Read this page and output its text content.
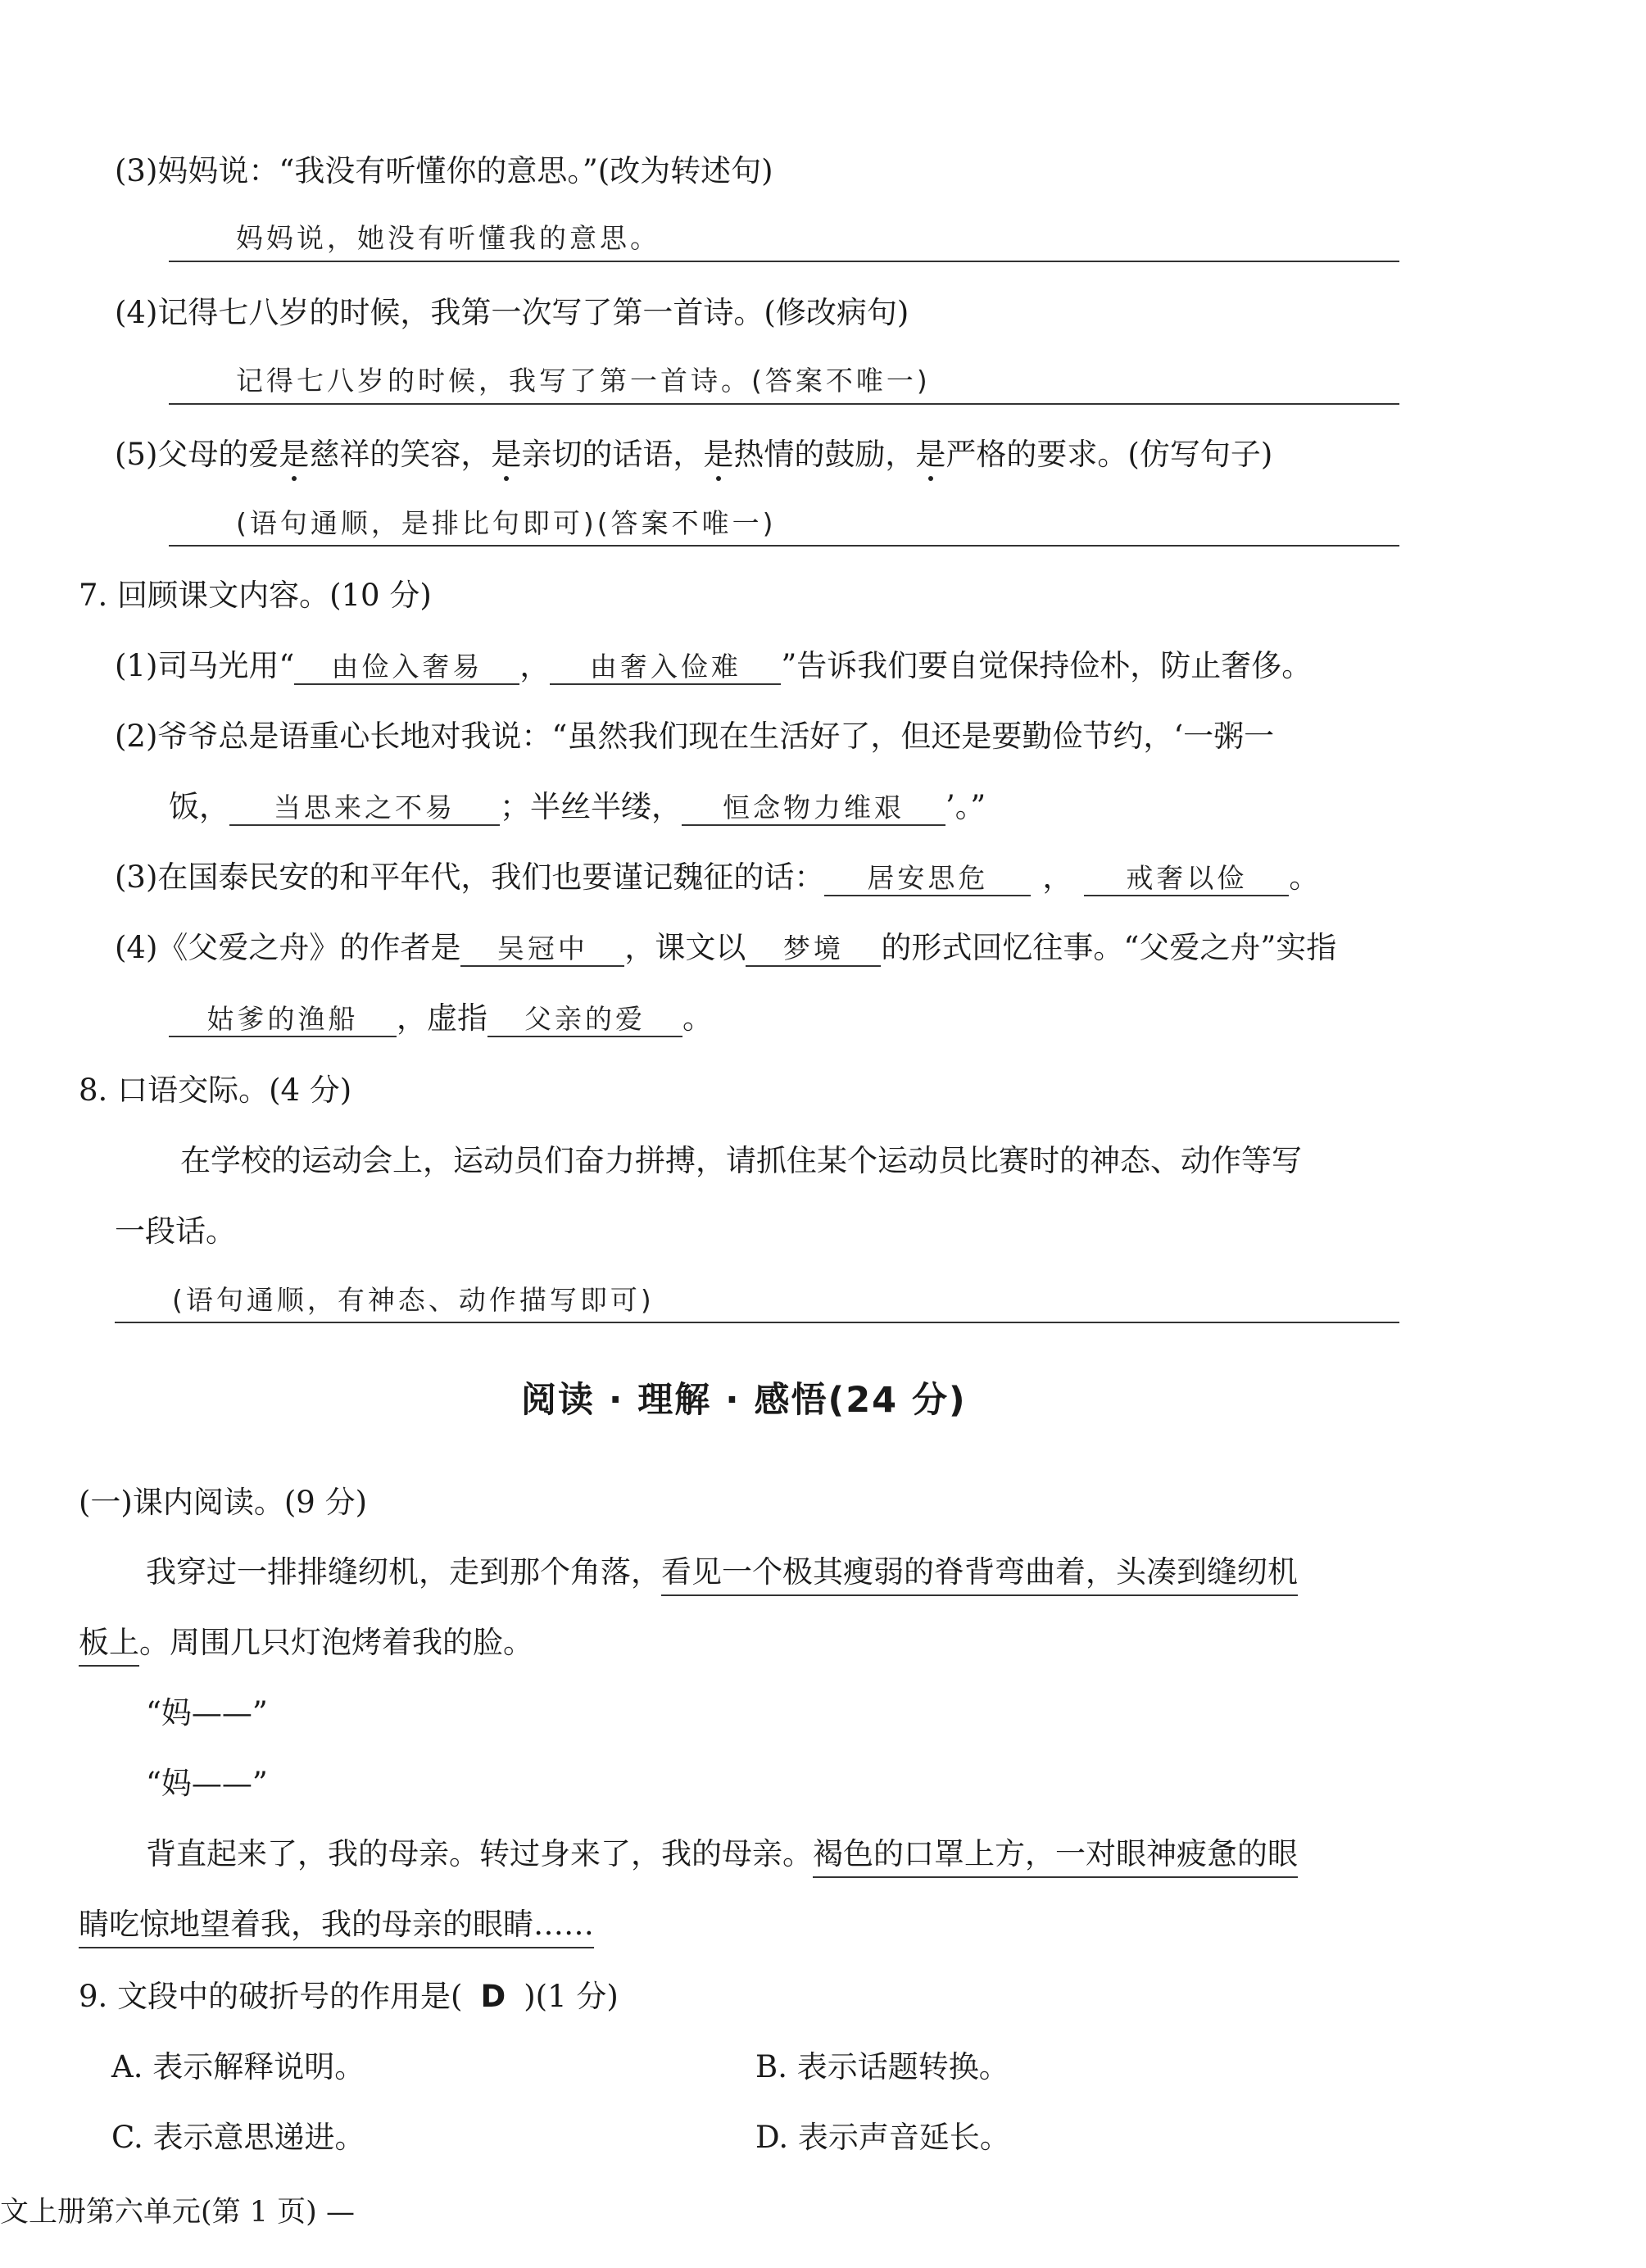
(3)妈妈说：“我没有听懂你的意思。”(改为转述句)
妈妈说，她没有听懂我的意思。
(4)记得七八岁的时候，我第一次写了第一首诗。(修改病句)
记得七八岁的时候，我写了第一首诗。(答案不唯一)
(5)父母的爱是慈祥的笑容，是亲切的话语，是热情的鼓励，是严格的要求。(仿写句子)
(语句通顺，是排比句即可)(答案不唯一)
7. 回顾课文内容。(10 分)
(1)司马光用“ 由俭入奢易 ， 由奢入俭难 ”告诉我们要自觉保持俭朴，防止奢侈。
(2)爷爷总是语重心长地对我说：“虽然我们现在生活好了，但还是要勤俭节约，‘一粥一
饭， 当思来之不易 ；半丝半缕， 恒念物力维艰 ’。”
(3)在国泰民安的和平年代，我们也要谨记魏征的话： 居安思危 ， 戒奢以俭 。
(4)《父爱之舟》的作者是 吴冠中 ，课文以 梦境 的形式回忆往事。“父爱之舟”实指
姑爹的渔船 ，虚指 父亲的爱 。
8. 口语交际。(4 分)
在学校的运动会上，运动员们奋力拼搏，请抓住某个运动员比赛时的神态、动作等写
一段话。
(语句通顺，有神态、动作描写即可)
阅读 · 理解 · 感悟(24 分)
(一)课内阅读。(9 分)
我穿过一排排缝纫机，走到那个角落，看见一个极其瘦弱的脊背弯曲着，头凑到缝纫机
板上。周围几只灯泡烤着我的脸。
“妈——”
“妈——”
背直起来了，我的母亲。转过身来了，我的母亲。褐色的口罩上方，一对眼神疲惫的眼
睛吃惊地望着我，我的母亲的眼睛……
9. 文段中的破折号的作用是( D )(1 分)
A. 表示解释说明。	B. 表示话题转换。
C. 表示意思递进。	D. 表示声音延长。
文上册第六单元(第 1 页) —
